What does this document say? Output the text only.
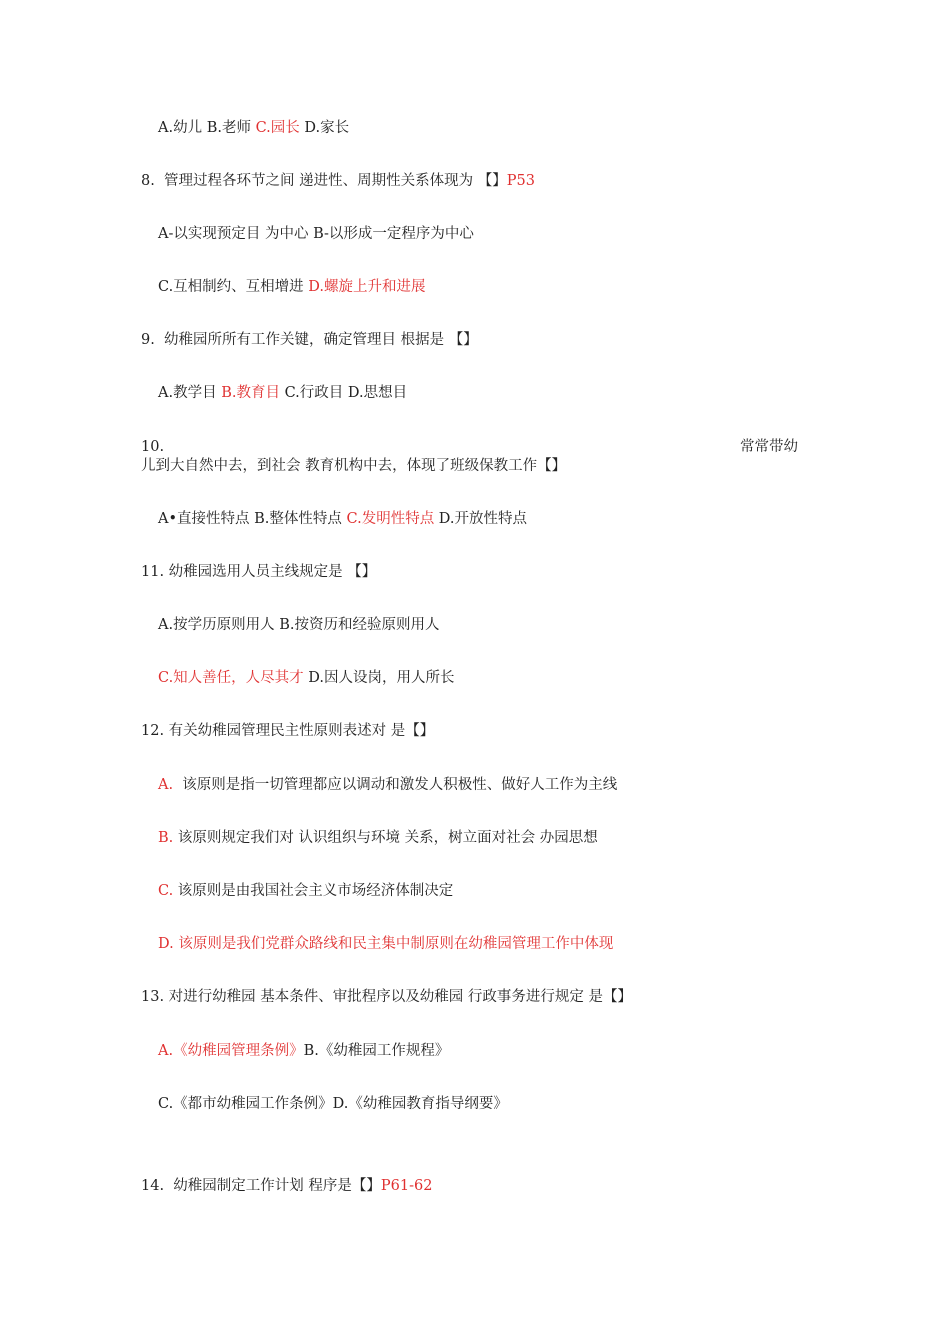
A.幼儿 B.老师 C.园长 D.家长
8.  管理过程各环节之间 递进性、周期性关系体现为 【】P53
A-以实现预定目 为中心 B-以形成一定程序为中心
C.互相制约、互相增进 D.螺旋上升和进展
9.  幼稚园所所有工作关键，确定管理目 根据是 【】
A.教学目 B.教育目 C.行政目 D.思想目
10.	常常带幼
儿到大自然中去，到社会 教育机构中去，体现了班级保教工作【】
A•直接性特点 B.整体性特点 C.发明性特点 D.开放性特点
11. 幼稚园选用人员主线规定是 【】
A.按学历原则用人 B.按资历和经验原则用人
C.知人善任，人尽其才 D.因人设岗，用人所长
12. 有关幼稚园管理民主性原则表述对 是【】
A.  该原则是指一切管理都应以调动和激发人积极性、做好人工作为主线
B. 该原则规定我们对 认识组织与环境 关系，树立面对社会 办园思想
C. 该原则是由我国社会主义市场经济体制决定
D. 该原则是我们党群众路线和民主集中制原则在幼稚园管理工作中体现
13. 对进行幼稚园 基本条件、审批程序以及幼稚园 行政事务进行规定 是【】
A.《幼稚园管理条例》B.《幼稚园工作规程》
C.《都市幼稚园工作条例》D.《幼稚园教育指导纲要》
14.  幼稚园制定工作计划 程序是【】P61-62
